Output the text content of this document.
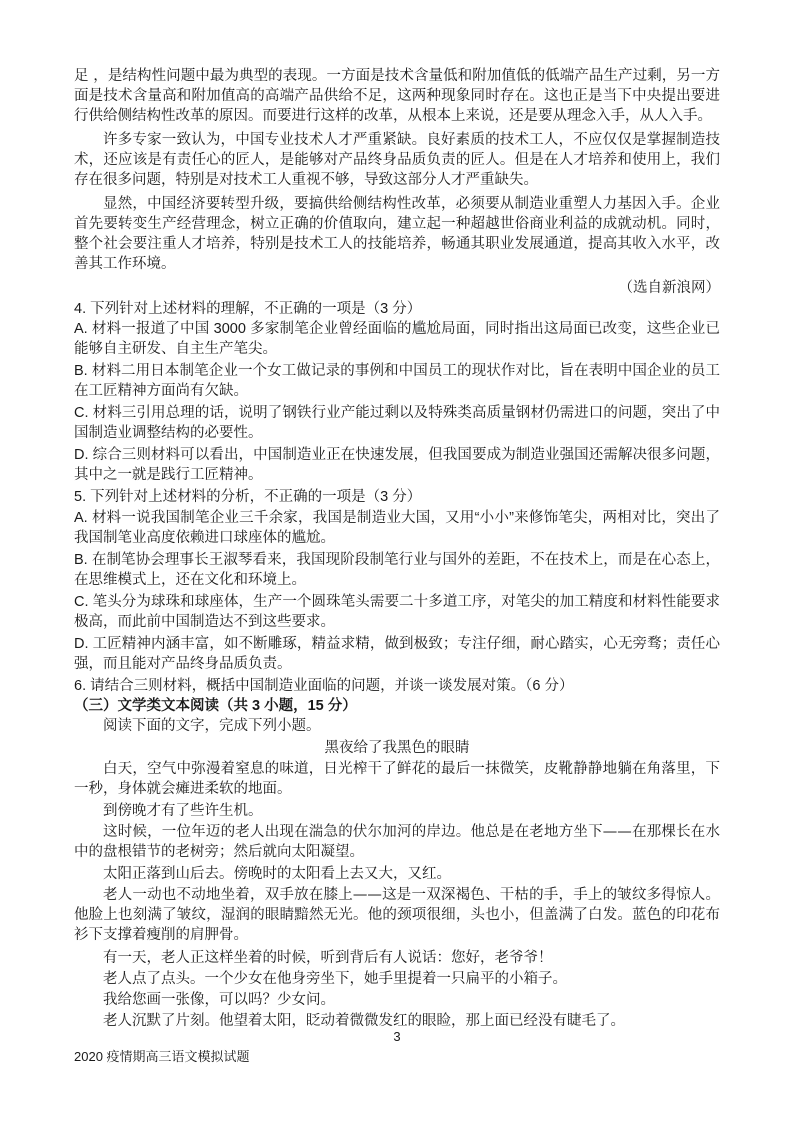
足 ，是结构性问题中最为典型的表现。一方面是技术含量低和附加值低的低端产品生产过剩，另一方面是技术含量高和附加值高的高端产品供给不足，这两种现象同时存在。这也正是当下中央提出要进行供给侧结构性改革的原因。而要进行这样的改革，从根本上来说，还是要从理念入手，从人入手。

许多专家一致认为，中国专业技术人才严重紧缺。良好素质的技术工人，不应仅仅是掌握制造技术，还应该是有责任心的匠人，是能够对产品终身品质负责的匠人。但是在人才培养和使用上，我们存在很多问题，特别是对技术工人重视不够，导致这部分人才严重缺失。

显然，中国经济要转型升级，要搞供给侧结构性改革，必须要从制造业重塑人力基因入手。企业首先要转变生产经营理念，树立正确的价值取向，建立起一种超越世俗商业利益的成就动机。同时，整个社会要注重人才培养，特别是技术工人的技能培养，畅通其职业发展通道，提高其收入水平，改善其工作环境。

（选自新浪网）

4. 下列针对上述材料的理解，不正确的一项是（3 分）

A. 材料一报道了中国 3000 多家制笔企业曾经面临的尴尬局面，同时指出这局面已改变，这些企业已能够自主研发、自主生产笔尖。

B. 材料二用日本制笔企业一个女工做记录的事例和中国员工的现状作对比，旨在表明中国企业的员工在工匠精神方面尚有欠缺。

C. 材料三引用总理的话，说明了钢铁行业产能过剩以及特殊类高质量钢材仍需进口的问题，突出了中国制造业调整结构的必要性。

D. 综合三则材料可以看出，中国制造业正在快速发展，但我国要成为制造业强国还需解决很多问题，其中之一就是践行工匠精神。

5. 下列针对上述材料的分析，不正确的一项是（3 分）

A. 材料一说我国制笔企业三千余家，我国是制造业大国，又用“小小”来修饰笔尖，两相对比，突出了我国制笔业高度依赖进口球座体的尴尬。

B. 在制笔协会理事长王淑琴看来，我国现阶段制笔行业与国外的差距，不在技术上，而是在心态上，在思维模式上，还在文化和环境上。

C. 笔头分为球珠和球座体，生产一个圆珠笔头需要二十多道工序，对笔尖的加工精度和材料性能要求极高，而此前中国制造达不到这些要求。

D. 工匠精神内涵丰富，如不断雕琢，精益求精，做到极致；专注仔细，耐心踏实，心无旁骛；责任心强，而且能对产品终身品质负责。

6. 请结合三则材料，概括中国制造业面临的问题，并谈一谈发展对策。（6 分）

（三）文学类文本阅读（共 3 小题，15 分）

阅读下面的文字，完成下列小题。

黑夜给了我黑色的眼睛

白天，空气中弥漫着窒息的味道，日光榨干了鲜花的最后一抹微笑，皮靴静静地躺在角落里，下一秒，身体就会瘫进柔软的地面。

到傍晚才有了些许生机。

这时候，一位年迈的老人出现在湍急的伏尔加河的岸边。他总是在老地方坐下——在那棵长在水中的盘根错节的老树旁；然后就向太阳凝望。

太阳正落到山后去。傍晚时的太阳看上去又大，又红。

老人一动也不动地坐着，双手放在膝上——这是一双深褐色、干枯的手，手上的皱纹多得惊人。他脸上也刻满了皱纹，湿润的眼睛黯然无光。他的颈项很细，头也小，但盖满了白发。蓝色的印花布衫下支撑着瘦削的肩胛骨。

有一天，老人正这样坐着的时候，听到背后有人说话：您好，老爷爷！

老人点了点头。一个少女在他身旁坐下，她手里提着一只扁平的小箱子。

我给您画一张像，可以吗？少女问。

老人沉默了片刻。他望着太阳，眨动着微微发红的眼睑，那上面已经没有睫毛了。

3

2020 疫情期高三语文模拟试题
